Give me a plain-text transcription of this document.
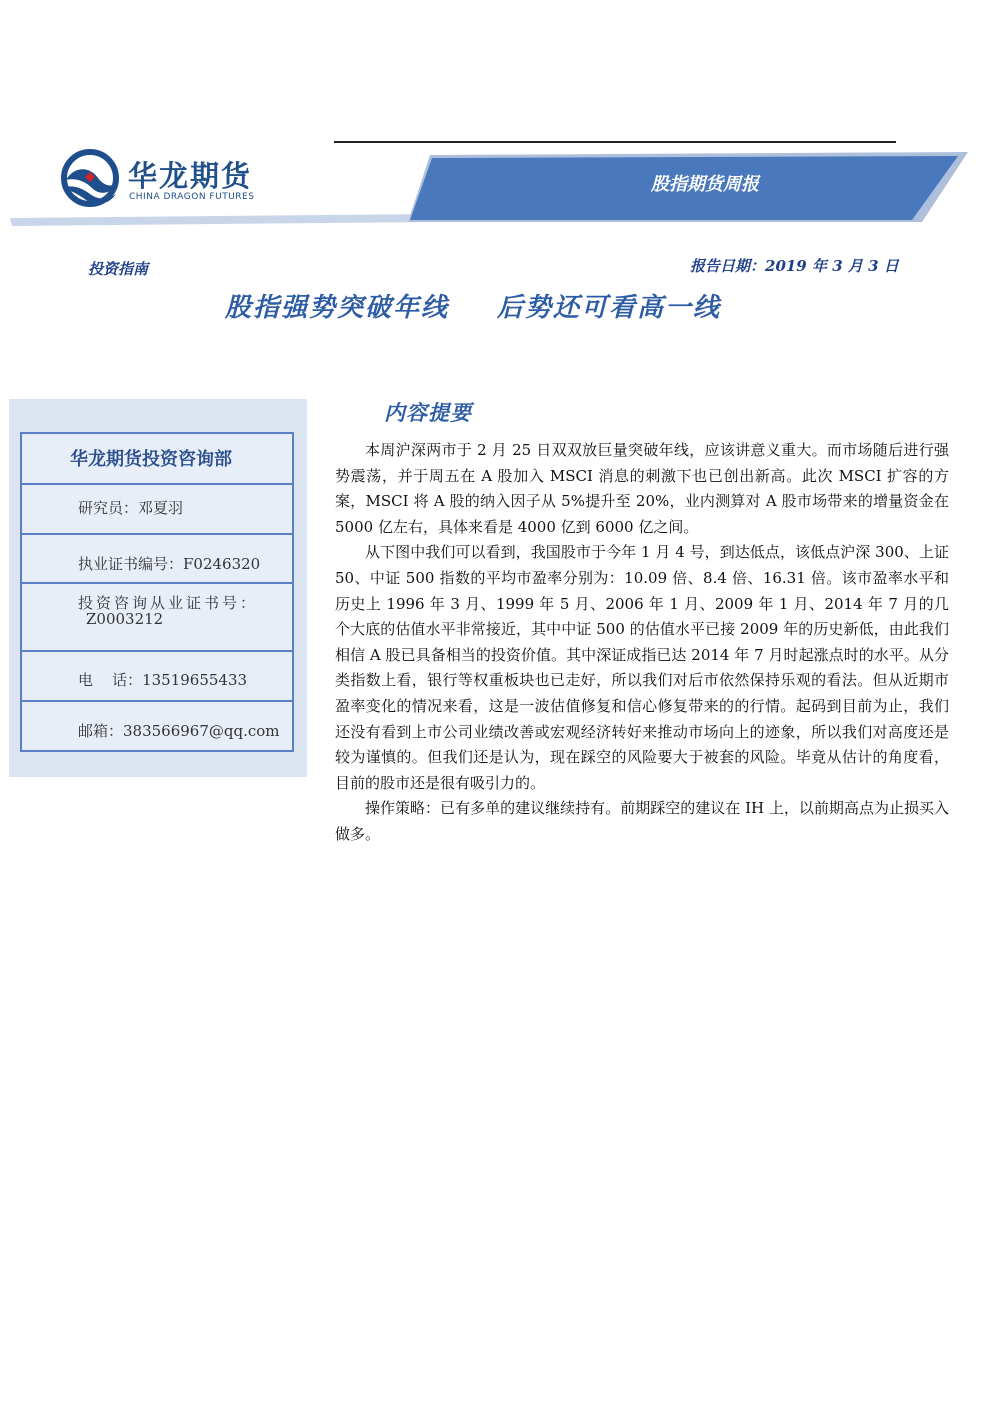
华龙期货
CHINA DRAGON FUTURES
股指期货周报
投资指南	报告日期：2019 年 3 月 3 日
股指强势突破年线 后势还可看高一线
华龙期货投资咨询部
研究员：邓夏羽
执业证书编号：F0246320
投资咨询从业证书号：
Z0003212
电    话：13519655433
邮箱：383566967@qq.com
内容提要

本周沪深两市于 2 月 25 日双双放巨量突破年线，应该讲意义重大。而市场随后进行强势震荡，并于周五在 A 股加入 MSCI 消息的刺激下也已创出新高。此次 MSCI 扩容的方案，MSCI 将 A 股的纳入因子从 5%提升至 20%，业内测算对 A 股市场带来的增量资金在 5000 亿左右，具体来看是 4000 亿到 6000 亿之间。

从下图中我们可以看到，我国股市于今年 1 月 4 号，到达低点，该低点沪深 300、上证 50、中证 500 指数的平均市盈率分别为：10.09 倍、8.4 倍、16.31 倍。该市盈率水平和历史上 1996 年 3 月、1999 年 5 月、2006 年 1 月、2009 年 1 月、2014 年 7 月的几个大底的估值水平非常接近，其中中证 500 的估值水平已接 2009 年的历史新低，由此我们相信 A 股已具备相当的投资价值。其中深证成指已达 2014 年 7 月时起涨点时的水平。从分类指数上看，银行等权重板块也已走好，所以我们对后市依然保持乐观的看法。但从近期市盈率变化的情况来看，这是一波估值修复和信心修复带来的的行情。起码到目前为止，我们还没有看到上市公司业绩改善或宏观经济转好来推动市场向上的迹象，所以我们对高度还是较为谨慎的。但我们还是认为，现在踩空的风险要大于被套的风险。毕竟从估计的角度看，目前的股市还是很有吸引力的。

操作策略：已有多单的建议继续持有。前期踩空的建议在 IH 上，以前期高点为止损买入做多。
